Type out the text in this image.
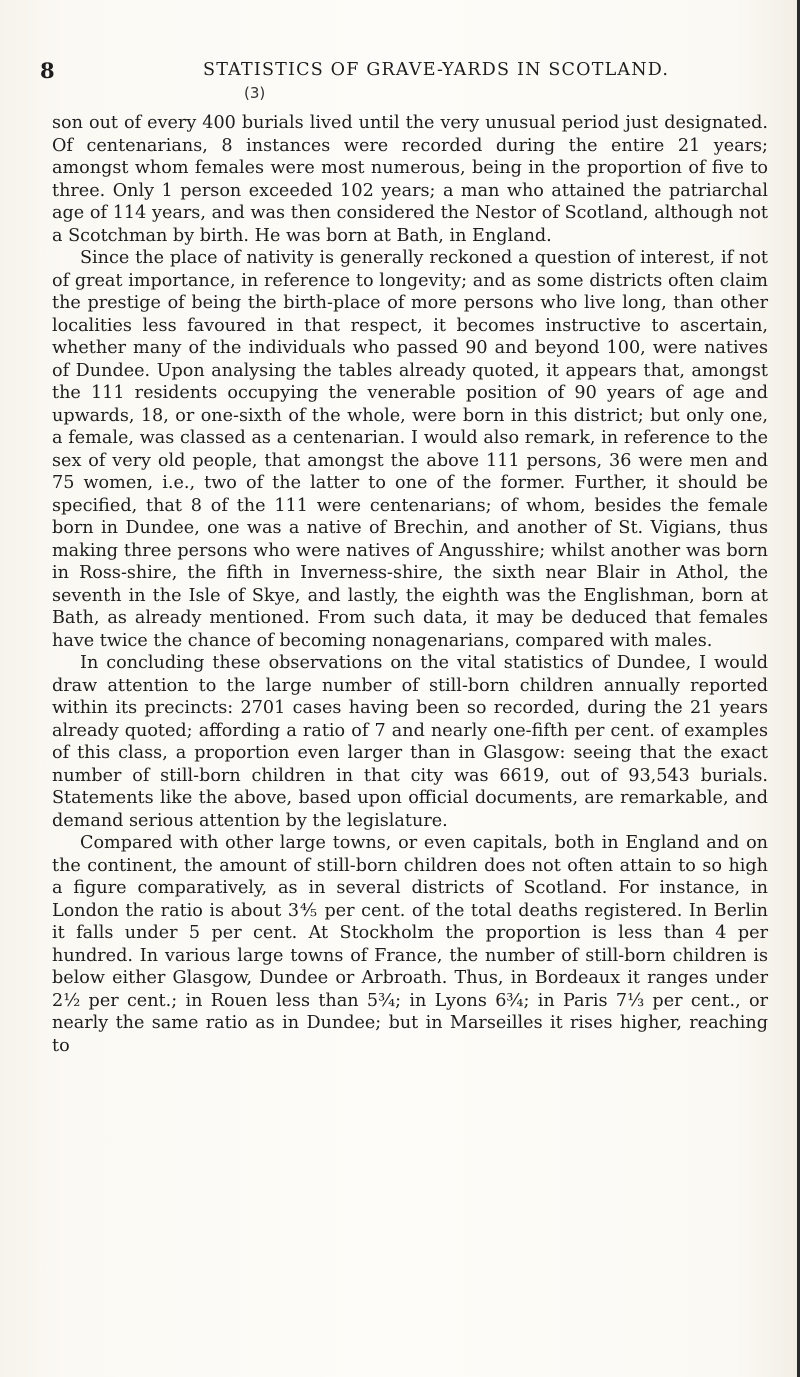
8	STATISTICS OF GRAVE-YARDS IN SCOTLAND.
(3)

son out of every 400 burials lived until the very unusual period just designated. Of centenarians, 8 instances were recorded during the entire 21 years; amongst whom females were most numerous, being in the proportion of five to three. Only 1 person exceeded 102 years; a man who attained the patriarchal age of 114 years, and was then considered the Nestor of Scotland, although not a Scotchman by birth. He was born at Bath, in England.

Since the place of nativity is generally reckoned a question of interest, if not of great importance, in reference to longevity; and as some districts often claim the prestige of being the birth-place of more persons who live long, than other localities less favoured in that respect, it becomes instructive to ascertain, whether many of the individuals who passed 90 and beyond 100, were natives of Dundee. Upon analysing the tables already quoted, it appears that, amongst the 111 residents occupying the venerable position of 90 years of age and upwards, 18, or one-sixth of the whole, were born in this district; but only one, a female, was classed as a centenarian. I would also remark, in reference to the sex of very old people, that amongst the above 111 persons, 36 were men and 75 women, i.e., two of the latter to one of the former. Further, it should be specified, that 8 of the 111 were centenarians; of whom, besides the female born in Dundee, one was a native of Brechin, and another of St. Vigians, thus making three persons who were natives of Angusshire; whilst another was born in Ross-shire, the fifth in Inverness-shire, the sixth near Blair in Athol, the seventh in the Isle of Skye, and lastly, the eighth was the Englishman, born at Bath, as already mentioned. From such data, it may be deduced that females have twice the chance of becoming nonagenarians, compared with males.

In concluding these observations on the vital statistics of Dundee, I would draw attention to the large number of still-born children annually reported within its precincts: 2701 cases having been so recorded, during the 21 years already quoted; affording a ratio of 7 and nearly one-fifth per cent. of examples of this class, a proportion even larger than in Glasgow: seeing that the exact number of still-born children in that city was 6619, out of 93,543 burials. Statements like the above, based upon official documents, are remarkable, and demand serious attention by the legislature.

Compared with other large towns, or even capitals, both in England and on the continent, the amount of still-born children does not often attain to so high a figure comparatively, as in several districts of Scotland. For instance, in London the ratio is about 3⅘ per cent. of the total deaths registered. In Berlin it falls under 5 per cent. At Stockholm the proportion is less than 4 per hundred. In various large towns of France, the number of still-born children is below either Glasgow, Dundee or Arbroath. Thus, in Bordeaux it ranges under 2½ per cent.; in Rouen less than 5¾; in Lyons 6¾; in Paris 7⅓ per cent., or nearly the same ratio as in Dundee; but in Marseilles it rises higher, reaching to
